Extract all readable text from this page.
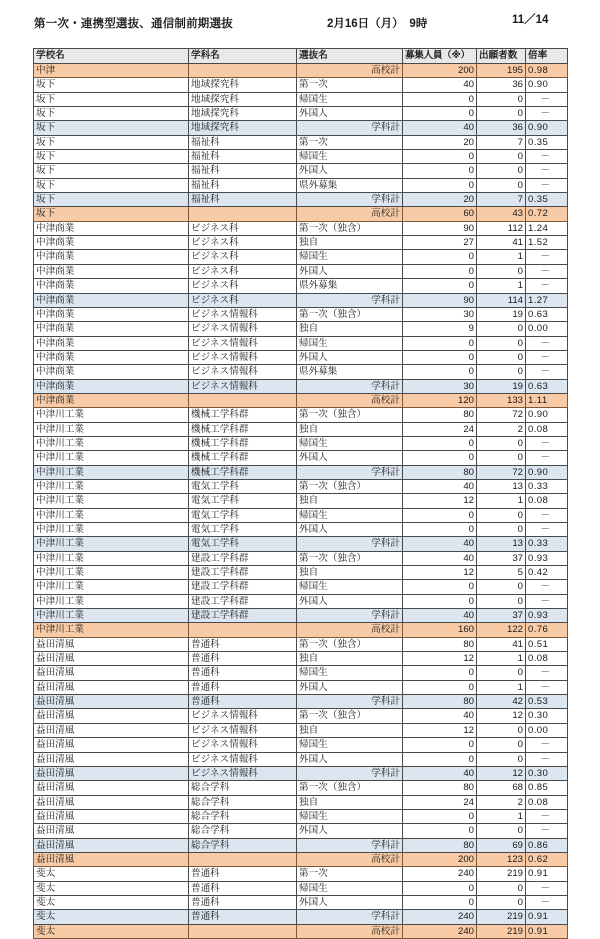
第一次・連携型選抜、通信制前期選抜	2月16日（月）　9時	11／14
学校名	学科名	選抜名	募集人員（※）	出願者数	倍率
中津		高校計	200	195	0.98
坂下	地域探究科	第一次	40	36	0.90
坂下	地域探究科	帰国生	0	0	－
坂下	地域探究科	外国人	0	0	－
坂下	地域探究科	学科計	40	36	0.90
坂下	福祉科	第一次	20	7	0.35
坂下	福祉科	帰国生	0	0	－
坂下	福祉科	外国人	0	0	－
坂下	福祉科	県外募集	0	0	－
坂下	福祉科	学科計	20	7	0.35
坂下		高校計	60	43	0.72
中津商業	ビジネス科	第一次（独含）	90	112	1.24
中津商業	ビジネス科	独自	27	41	1.52
中津商業	ビジネス科	帰国生	0	1	－
中津商業	ビジネス科	外国人	0	0	－
中津商業	ビジネス科	県外募集	0	1	－
中津商業	ビジネス科	学科計	90	114	1.27
中津商業	ビジネス情報科	第一次（独含）	30	19	0.63
中津商業	ビジネス情報科	独自	9	0	0.00
中津商業	ビジネス情報科	帰国生	0	0	－
中津商業	ビジネス情報科	外国人	0	0	－
中津商業	ビジネス情報科	県外募集	0	0	－
中津商業	ビジネス情報科	学科計	30	19	0.63
中津商業		高校計	120	133	1.11
中津川工業	機械工学科群	第一次（独含）	80	72	0.90
中津川工業	機械工学科群	独自	24	2	0.08
中津川工業	機械工学科群	帰国生	0	0	－
中津川工業	機械工学科群	外国人	0	0	－
中津川工業	機械工学科群	学科計	80	72	0.90
中津川工業	電気工学科	第一次（独含）	40	13	0.33
中津川工業	電気工学科	独自	12	1	0.08
中津川工業	電気工学科	帰国生	0	0	－
中津川工業	電気工学科	外国人	0	0	－
中津川工業	電気工学科	学科計	40	13	0.33
中津川工業	建設工学科群	第一次（独含）	40	37	0.93
中津川工業	建設工学科群	独自	12	5	0.42
中津川工業	建設工学科群	帰国生	0	0	－
中津川工業	建設工学科群	外国人	0	0	－
中津川工業	建設工学科群	学科計	40	37	0.93
中津川工業		高校計	160	122	0.76
益田清風	普通科	第一次（独含）	80	41	0.51
益田清風	普通科	独自	12	1	0.08
益田清風	普通科	帰国生	0	0	－
益田清風	普通科	外国人	0	1	－
益田清風	普通科	学科計	80	42	0.53
益田清風	ビジネス情報科	第一次（独含）	40	12	0.30
益田清風	ビジネス情報科	独自	12	0	0.00
益田清風	ビジネス情報科	帰国生	0	0	－
益田清風	ビジネス情報科	外国人	0	0	－
益田清風	ビジネス情報科	学科計	40	12	0.30
益田清風	総合学科	第一次（独含）	80	68	0.85
益田清風	総合学科	独自	24	2	0.08
益田清風	総合学科	帰国生	0	1	－
益田清風	総合学科	外国人	0	0	－
益田清風	総合学科	学科計	80	69	0.86
益田清風		高校計	200	123	0.62
斐太	普通科	第一次	240	219	0.91
斐太	普通科	帰国生	0	0	－
斐太	普通科	外国人	0	0	－
斐太	普通科	学科計	240	219	0.91
斐太		高校計	240	219	0.91
